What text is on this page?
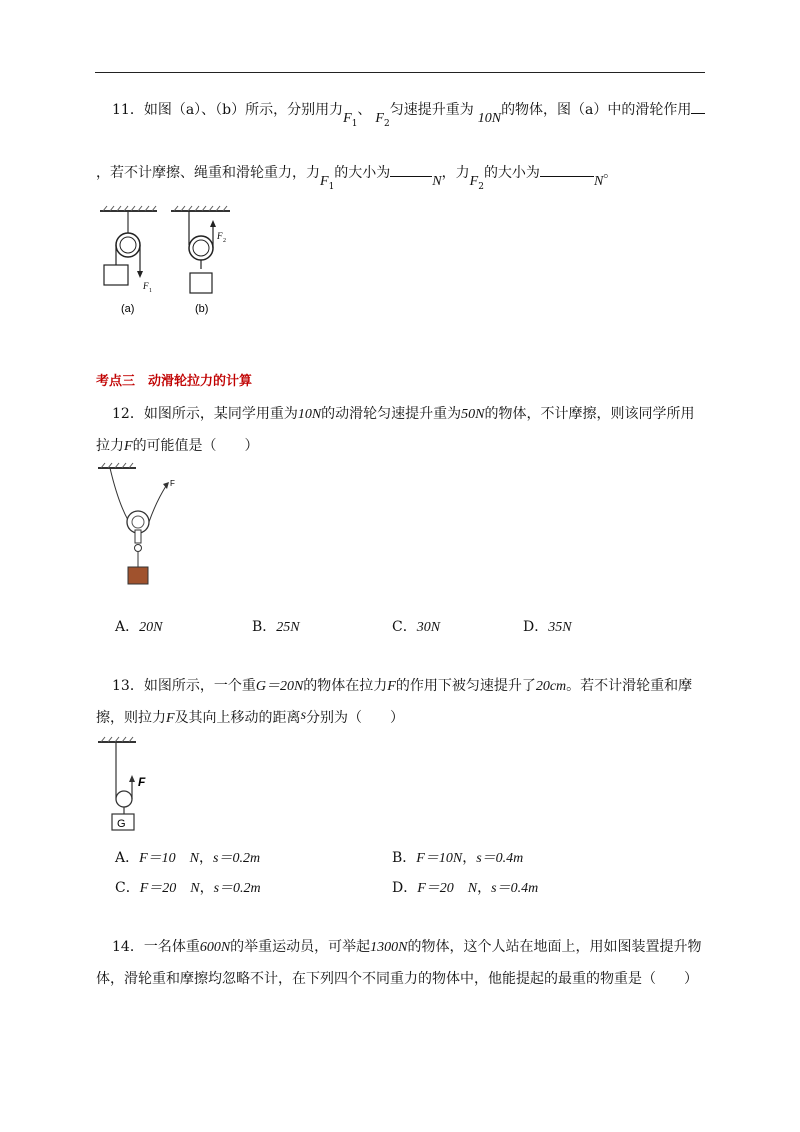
11．如图（a）、（b）所示，分别用力$F_1$、$F_2$匀速提升重为10N的物体，图（a）中的滑轮作用
，若不计摩擦、绳重和滑轮重力，力$F_1$的大小为N，力$F_2$的大小为N。
F 1
(a)
F 2
(b)
考点三　动滑轮拉力的计算
12．如图所示，某同学用重为10N的动滑轮匀速提升重为50N的物体，不计摩擦，则该同学所用
拉力F的可能值是（　　）
F
A．20N	B．25N	C．30N	D．35N
13．如图所示，一个重G＝20N的物体在拉力F的作用下被匀速提升了20cm。若不计滑轮重和摩
擦，则拉力F及其向上移动的距离s分别为（　　）
F
G
A．F＝10　N，s＝0.2m	B．F＝10N，s＝0.4m
C．F＝20　N，s＝0.2m	D．F＝20　N，s＝0.4m
14．一名体重600N的举重运动员，可举起1300N的物体，这个人站在地面上，用如图装置提升物
体，滑轮重和摩擦均忽略不计，在下列四个不同重力的物体中，他能提起的最重的物重是（　　）
